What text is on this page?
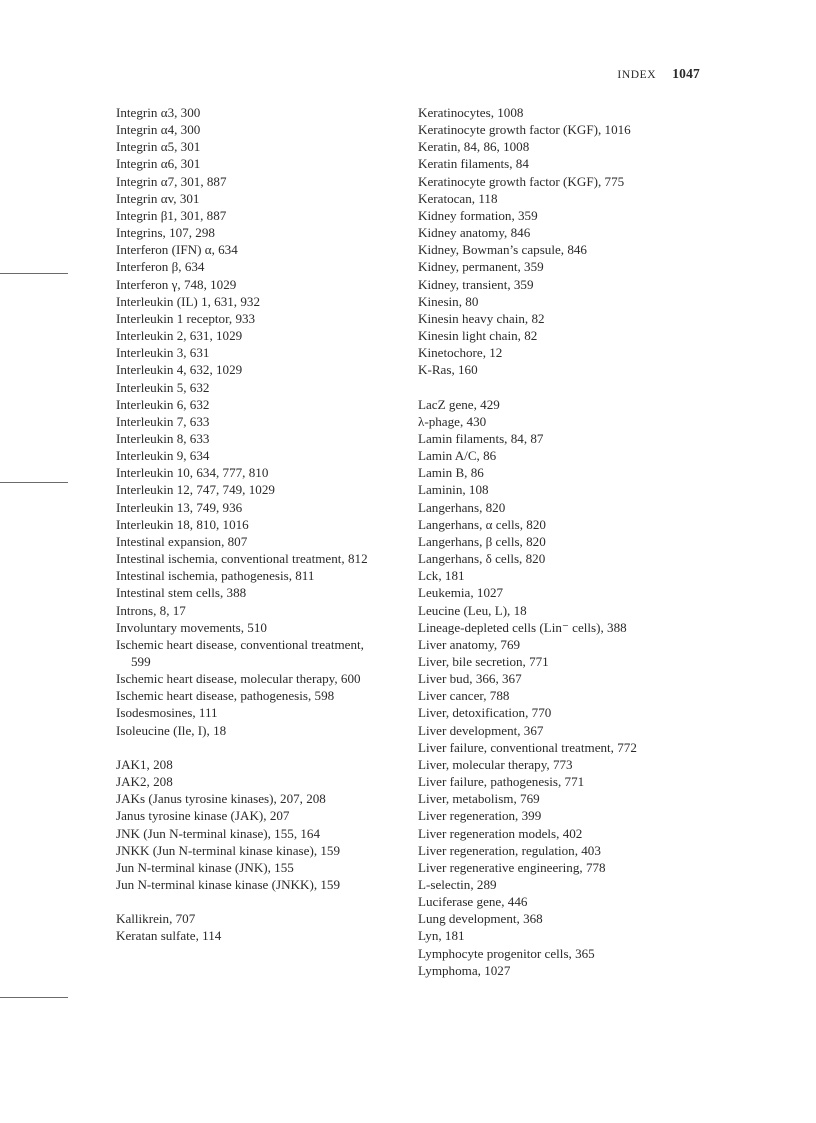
INDEX 1047
Integrin α3, 300
Integrin α4, 300
Integrin α5, 301
Integrin α6, 301
Integrin α7, 301, 887
Integrin αv, 301
Integrin β1, 301, 887
Integrins, 107, 298
Interferon (IFN) α, 634
Interferon β, 634
Interferon γ, 748, 1029
Interleukin (IL) 1, 631, 932
Interleukin 1 receptor, 933
Interleukin 2, 631, 1029
Interleukin 3, 631
Interleukin 4, 632, 1029
Interleukin 5, 632
Interleukin 6, 632
Interleukin 7, 633
Interleukin 8, 633
Interleukin 9, 634
Interleukin 10, 634, 777, 810
Interleukin 12, 747, 749, 1029
Interleukin 13, 749, 936
Interleukin 18, 810, 1016
Intestinal expansion, 807
Intestinal ischemia, conventional treatment, 812
Intestinal ischemia, pathogenesis, 811
Intestinal stem cells, 388
Introns, 8, 17
Involuntary movements, 510
Ischemic heart disease, conventional treatment, 599
Ischemic heart disease, molecular therapy, 600
Ischemic heart disease, pathogenesis, 598
Isodesmosines, 111
Isoleucine (Ile, I), 18
JAK1, 208
JAK2, 208
JAKs (Janus tyrosine kinases), 207, 208
Janus tyrosine kinase (JAK), 207
JNK (Jun N-terminal kinase), 155, 164
JNKK (Jun N-terminal kinase kinase), 159
Jun N-terminal kinase (JNK), 155
Jun N-terminal kinase kinase (JNKK), 159
Kallikrein, 707
Keratan sulfate, 114
Keratinocytes, 1008
Keratinocyte growth factor (KGF), 1016
Keratin, 84, 86, 1008
Keratin filaments, 84
Keratinocyte growth factor (KGF), 775
Keratocan, 118
Kidney formation, 359
Kidney anatomy, 846
Kidney, Bowman’s capsule, 846
Kidney, permanent, 359
Kidney, transient, 359
Kinesin, 80
Kinesin heavy chain, 82
Kinesin light chain, 82
Kinetochore, 12
K-Ras, 160
LacZ gene, 429
λ-phage, 430
Lamin filaments, 84, 87
Lamin A/C, 86
Lamin B, 86
Laminin, 108
Langerhans, 820
Langerhans, α cells, 820
Langerhans, β cells, 820
Langerhans, δ cells, 820
Lck, 181
Leukemia, 1027
Leucine (Leu, L), 18
Lineage-depleted cells (Lin⁻ cells), 388
Liver anatomy, 769
Liver, bile secretion, 771
Liver bud, 366, 367
Liver cancer, 788
Liver, detoxification, 770
Liver development, 367
Liver failure, conventional treatment, 772
Liver, molecular therapy, 773
Liver failure, pathogenesis, 771
Liver, metabolism, 769
Liver regeneration, 399
Liver regeneration models, 402
Liver regeneration, regulation, 403
Liver regenerative engineering, 778
L-selectin, 289
Luciferase gene, 446
Lung development, 368
Lyn, 181
Lymphocyte progenitor cells, 365
Lymphoma, 1027
